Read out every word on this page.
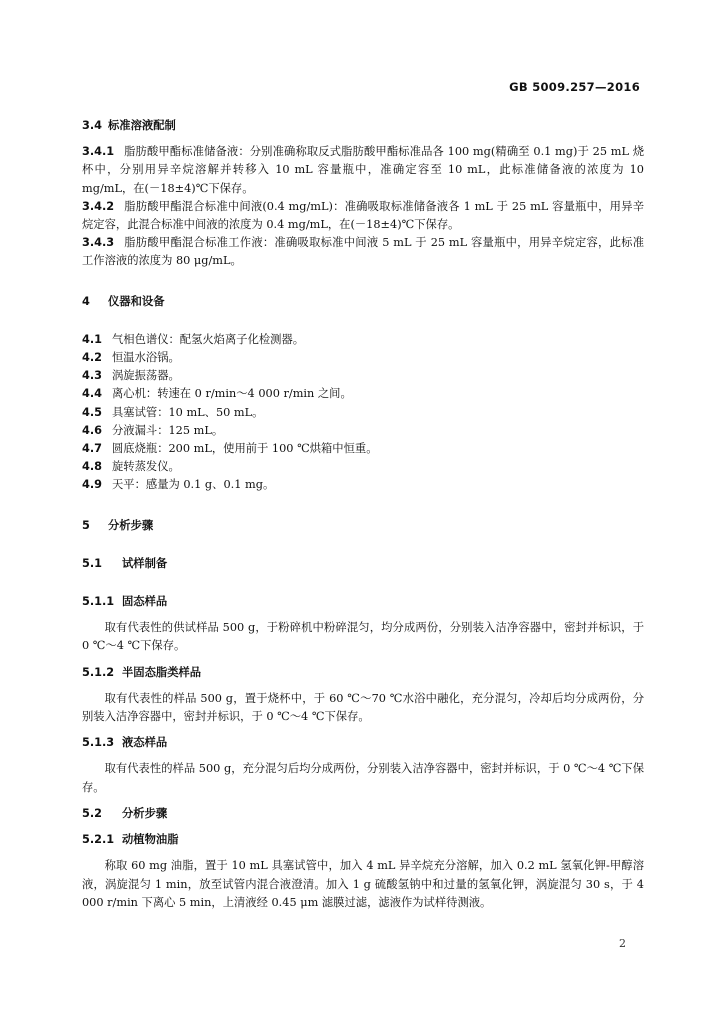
GB 5009.257—2016
3.4 标准溶液配制

3.4.1 脂肪酸甲酯标准储备液：分别准确称取反式脂肪酸甲酯标准品各 100 mg(精确至 0.1 mg)于 25 mL 烧杯中，分别用异辛烷溶解并转移入 10 mL 容量瓶中，准确定容至 10 mL，此标准储备液的浓度为 10 mg/mL，在(－18±4)℃下保存。

3.4.2 脂肪酸甲酯混合标准中间液(0.4 mg/mL)：准确吸取标准储备液各 1 mL 于 25 mL 容量瓶中，用异辛烷定容，此混合标准中间液的浓度为 0.4 mg/mL，在(－18±4)℃下保存。

3.4.3 脂肪酸甲酯混合标准工作液：准确吸取标准中间液 5 mL 于 25 mL 容量瓶中，用异辛烷定容，此标准工作溶液的浓度为 80 μg/mL。

4 仪器和设备

4.1 气相色谱仪：配氢火焰离子化检测器。

4.2 恒温水浴锅。

4.3 涡旋振荡器。

4.4 离心机：转速在 0 r/min～4 000 r/min 之间。

4.5 具塞试管：10 mL、50 mL。

4.6 分液漏斗：125 mL。

4.7 圆底烧瓶：200 mL，使用前于 100 ℃烘箱中恒重。

4.8 旋转蒸发仪。

4.9 天平：感量为 0.1 g、0.1 mg。

5 分析步骤
5.1 试样制备
5.1.1 固态样品

取有代表性的供试样品 500 g，于粉碎机中粉碎混匀，均分成两份，分别装入洁净容器中，密封并标识，于 0 ℃～4 ℃下保存。

5.1.2 半固态脂类样品

取有代表性的样品 500 g，置于烧杯中，于 60 ℃～70 ℃水浴中融化，充分混匀，冷却后均分成两份，分别装入洁净容器中，密封并标识，于 0 ℃～4 ℃下保存。

5.1.3 液态样品

取有代表性的样品 500 g，充分混匀后均分成两份，分别装入洁净容器中，密封并标识，于 0 ℃～4 ℃下保存。

5.2 分析步骤
5.2.1 动植物油脂

称取 60 mg 油脂，置于 10 mL 具塞试管中，加入 4 mL 异辛烷充分溶解，加入 0.2 mL 氢氧化钾-甲醇溶液，涡旋混匀 1 min，放至试管内混合液澄清。加入 1 g 硫酸氢钠中和过量的氢氧化钾，涡旋混匀 30 s，于 4 000 r/min 下离心 5 min，上清液经 0.45 μm 滤膜过滤，滤液作为试样待测液。

2
